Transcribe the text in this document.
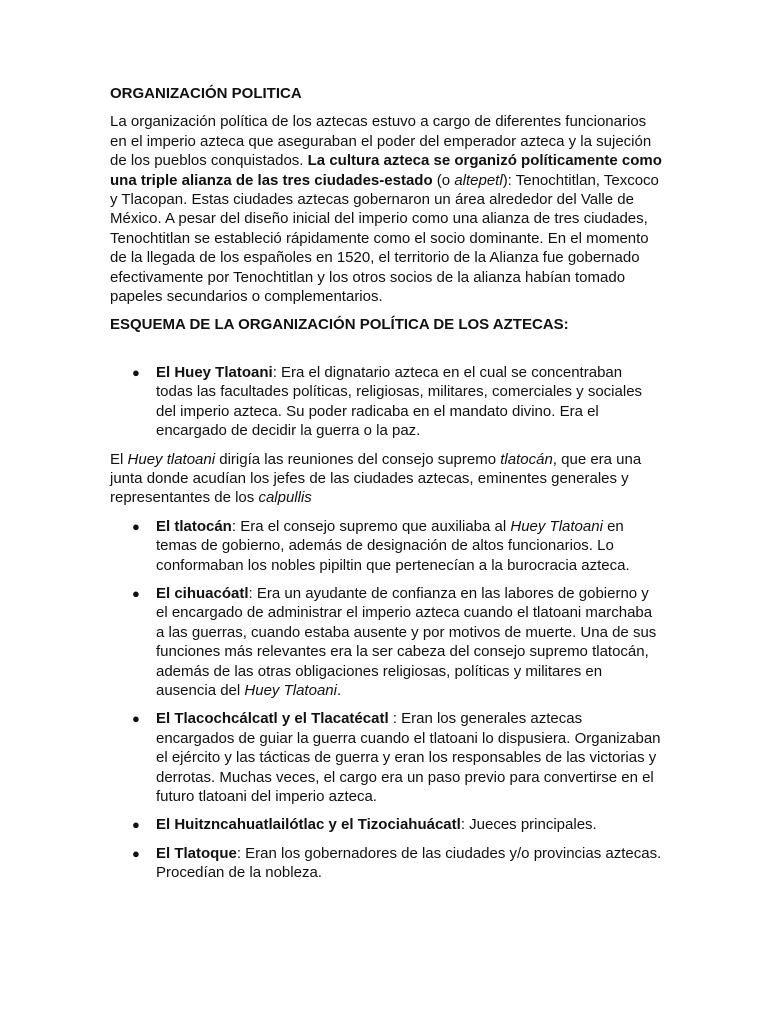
ORGANIZACIÓN POLITICA

La organización política de los aztecas estuvo a cargo de diferentes funcionarios en el imperio azteca que aseguraban el poder del emperador azteca y la sujeción de los pueblos conquistados. La cultura azteca se organizó políticamente como una triple alianza de las tres ciudades-estado (o altepetl): Tenochtitlan, Texcoco y Tlacopan. Estas ciudades aztecas gobernaron un área alrededor del Valle de México. A pesar del diseño inicial del imperio como una alianza de tres ciudades, Tenochtitlan se estableció rápidamente como el socio dominante. En el momento de la llegada de los españoles en 1520, el territorio de la Alianza fue gobernado efectivamente por Tenochtitlan y los otros socios de la alianza habían tomado papeles secundarios o complementarios.

ESQUEMA DE LA ORGANIZACIÓN POLÍTICA DE LOS AZTECAS:

● El Huey Tlatoani: Era el dignatario azteca en el cual se concentraban todas las facultades políticas, religiosas, militares, comerciales y sociales del imperio azteca. Su poder radicaba en el mandato divino. Era el encargado de decidir la guerra o la paz.

El Huey tlatoani dirigía las reuniones del consejo supremo tlatocán, que era una junta donde acudían los jefes de las ciudades aztecas, eminentes generales y representantes de los calpullis

● El tlatocán: Era el consejo supremo que auxiliaba al Huey Tlatoani en temas de gobierno, además de designación de altos funcionarios. Lo conformaban los nobles pipiltin que pertenecían a la burocracia azteca.
● El cihuacóatl: Era un ayudante de confianza en las labores de gobierno y el encargado de administrar el imperio azteca cuando el tlatoani marchaba a las guerras, cuando estaba ausente y por motivos de muerte. Una de sus funciones más relevantes era la ser cabeza del consejo supremo tlatocán, además de las otras obligaciones religiosas, políticas y militares en ausencia del Huey Tlatoani.
● El Tlacochcálcatl y el Tlacatécatl : Eran los generales aztecas encargados de guiar la guerra cuando el tlatoani lo dispusiera. Organizaban el ejército y las tácticas de guerra y eran los responsables de las victorias y derrotas. Muchas veces, el cargo era un paso previo para convertirse en el futuro tlatoani del imperio azteca.
● El Huitzncahuatlailótlac y el Tizociahuácatl: Jueces principales.
● El Tlatoque: Eran los gobernadores de las ciudades y/o provincias aztecas. Procedían de la nobleza.
